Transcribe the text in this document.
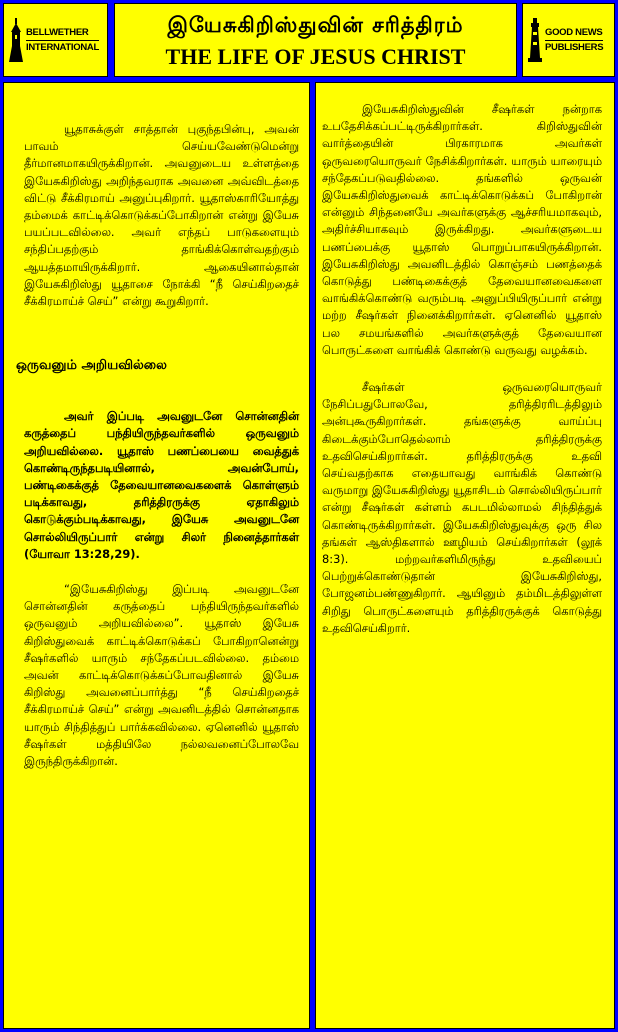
BELLWETHER
INTERNATIONAL
இயேசுகிறிஸ்துவின் சரித்திரம்
THE LIFE OF JESUS CHRIST
GOOD NEWS
PUBLISHERS

யூதாசுக்குள் சாத்தான் புகுந்தபின்பு, அவன் பாவம் செய்யவேண்டுமென்று தீர்மானமாகயிருக்கிறான். அவனுடைய உள்ளத்தை இயேசுகிறிஸ்து அறிந்தவராக அவனை அவ்விடத்தை விட்டு சீக்கிரமாய் அனுப்புகிறார். யூதாஸ்காரியோத்து தம்மைக் காட்டிக்கொடுக்கப்போகிறான் என்று இயேசு பயப்படவில்லை. அவர் எந்தப் பாடுகளையும் சந்திப்பதற்கும் தாங்கிக்கொள்வதற்கும் ஆயத்தமாயிருக்கிறார். ஆகையினால்தான் இயேசுகிறிஸ்து யூதாசை நோக்கி “நீ செய்கிறதைச் சீக்கிரமாய்ச் செய்” என்று கூறுகிறார்.

ஒருவனும் அறியவில்லை

அவர் இப்படி அவனுடனே சொன்னதின் கருத்தைப் பந்தியிருந்தவர்களில் ஒருவனும் அறியவில்லை. யூதாஸ் பணப்பையை வைத்துக் கொண்டிருந்தபடியினால், அவன்போய், பண்டிகைக்குத் தேவையானவைகளைக் கொள்ளும் படிக்காவது, தரித்திரருக்கு ஏதாகிலும் கொடுக்கும்படிக்காவது, இயேசு அவனுடனே சொல்லியிருப்பார் என்று சிலர் நினைத்தார்கள் (யோவா 13:28,29).

“இயேசுகிறிஸ்து இப்படி அவனுடனே சொன்னதின் கருத்தைப் பந்தியிருந்தவர்களில் ஒருவனும் அறியவில்லை”. யூதாஸ் இயேசு கிறிஸ்துவைக் காட்டிக்கொடுக்கப் போகிறானென்று சீஷர்களில் யாரும் சந்தேகப்படவில்லை. தம்மை அவன் காட்டிக்கொடுக்கப்போவதினால் இயேசு கிறிஸ்து அவனைப்பார்த்து “நீ செய்கிறதைச் சீக்கிரமாய்ச் செய்” என்று அவனிடத்தில் சொன்னதாக யாரும் சிந்தித்துப் பார்க்கவில்லை. ஏனெனில் யூதாஸ் சீஷர்கள் மத்தியிலே நல்லவனைப்போலவே இருந்திருக்கிறான்.

இயேசுகிறிஸ்துவின் சீஷர்கள் நன்றாக உபதேசிக்கப்பட்டிருக்கிறார்கள். கிறிஸ்துவின் வார்த்தையின் பிரகாரமாக அவர்கள் ஒருவரையொருவர் நேசிக்கிறார்கள். யாரும் யாரையும் சந்தேகப்படுவதில்லை. தங்களில் ஒருவன் இயேசுகிறிஸ்துவைக் காட்டிக்கொடுக்கப் போகிறான் என்னும் சிந்தனையே அவர்களுக்கு ஆச்சரியமாகவும், அதிர்ச்சியாகவும் இருக்கிறது. அவர்களுடைய பணப்பைக்கு யூதாஸ் பொறுப்பாகயிருக்கிறான். இயேசுகிறிஸ்து அவனிடத்தில் கொஞ்சம் பணத்தைக் கொடுத்து பண்டிகைக்குத் தேவையானவைகளை வாங்கிக்கொண்டு வரும்படி அனுப்பியிருப்பார் என்று மற்ற சீஷர்கள் நினைக்கிறார்கள். ஏனெனில் யூதாஸ் பல சமயங்களில் அவர்களுக்குத் தேவையான பொருட்களை வாங்கிக் கொண்டு வருவது வழக்கம்.

சீஷர்கள் ஒருவரையொருவர் நேசிப்பதுபோலவே, தரித்திரரிடத்திலும் அன்புகூருகிறார்கள். தங்களுக்கு வாய்ப்பு கிடைக்கும்போதெல்லாம் தரித்திரருக்கு உதவிசெய்கிறார்கள். தரித்திரருக்கு உதவி செய்வதற்காக எதையாவது வாங்கிக் கொண்டு வருமாறு இயேசுகிறிஸ்து யூதாசிடம் சொல்லியிருப்பார் என்று சீஷர்கள் கள்ளம் கபடமில்லாமல் சிந்தித்துக் கொண்டிருக்கிறார்கள். இயேசுகிறிஸ்துவுக்கு ஒரு சில தங்கள் ஆஸ்திகளால் ஊழியம் செய்கிறார்கள் (லூக் 8:3). மற்றவர்களிமிருந்து உதவியைப் பெற்றுக்கொண்டுதான் இயேசுகிறிஸ்து, போஜனம்பண்ணுகிறார். ஆயினும் தம்மிடத்திலுள்ள சிறிது பொருட்களையும் தரித்திரருக்குக் கொடுத்து உதவிசெய்கிறார்.
